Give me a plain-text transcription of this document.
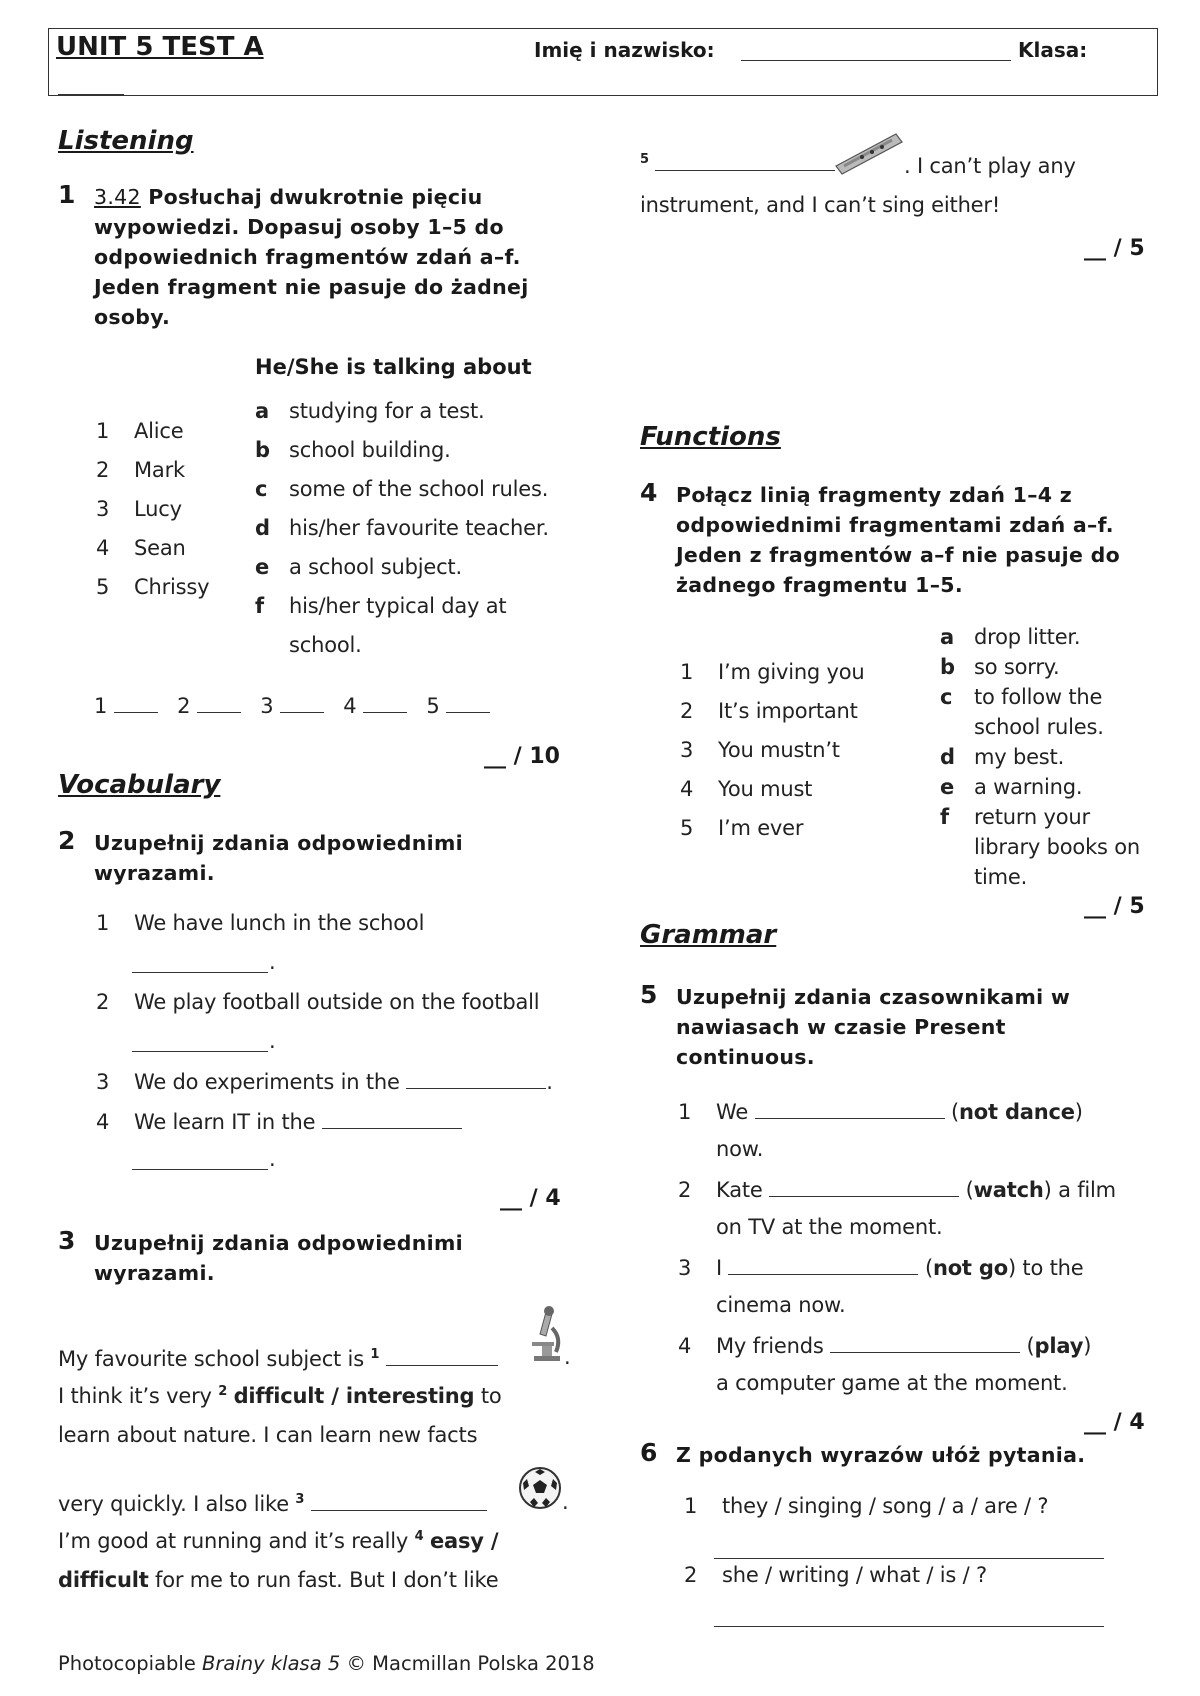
UNIT 5 TEST A	Imię i nazwisko:	Klasa:
Listening
1 3.42 Posłuchaj dwukrotnie pięciu wypowiedzi. Dopasuj osoby 1–5 do odpowiednich fragmentów zdań a–f. Jeden fragment nie pasuje do żadnej osoby.
He/She is talking about
1 Alice
2 Mark
3 Lucy
4 Sean
5 Chrissy
a studying for a test.
b school building.
c some of the school rules.
d his/her favourite teacher.
e a school subject.
f his/her typical day at
school.
1	2	3	4	5
__ / 10
Vocabulary
2 Uzupełnij zdania odpowiednimi wyrazami.
1 We have lunch in the school
.
2 We play football outside on the football
.
3 We do experiments in the	.
4 We learn IT in the
.
__ / 4
3 Uzupełnij zdania odpowiednimi wyrazami.
My favourite school subject is $^1$	.
I think it’s very $^2$ difficult / interesting to
learn about nature. I can learn new facts
very quickly. I also like $^3$	.
I’m good at running and it’s really $^4$ easy /
difficult for me to run fast. But I don’t like
$^5$	. I can’t play any
instrument, and I can’t sing either!
__ / 5
Functions
4 Połącz linią fragmenty zdań 1–4 z odpowiednimi fragmentami zdań a–f. Jeden z fragmentów a–f nie pasuje do żadnego fragmentu 1–5.
1 I’m giving you
2 It’s important
3 You mustn’t
4 You must
5 I’m ever
a drop litter.
b so sorry.
c to follow the
school rules.
d my best.
e a warning.
f return your
library books on
time.
__ / 5
Grammar
5 Uzupełnij zdania czasownikami w nawiasach w czasie Present continuous.
1 We	(not dance)
now.
2 Kate	(watch) a film
on TV at the moment.
3 I	(not go) to the
cinema now.
4 My friends	(play)
a computer game at the moment.
__ / 4
6 Z podanych wyrazów ułóż pytania.
1 they / singing / song / a / are / ?
2 she / writing / what / is / ?
Photocopiable Brainy klasa 5 © Macmillan Polska 2018
